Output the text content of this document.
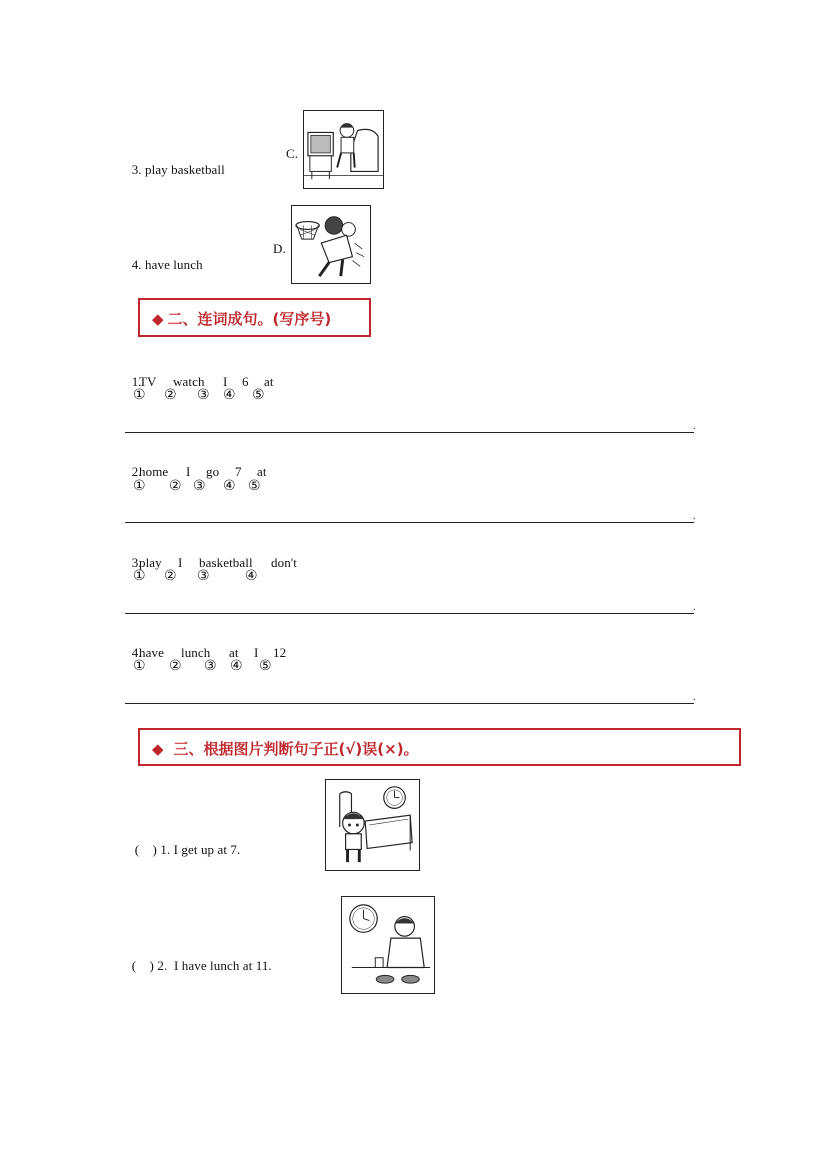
3. play basketball

C.

4. have lunch

D.
◆ 二、连词成句。(写序号)

1.
TV watch I 6 at

① ② ③ ④ ⑤
.

2.
home I go 7 at

① ② ③ ④ ⑤
.

3.
play I basketball don't

① ② ③	④
.

4.
have lunch at I 12

① ② ③ ④ ⑤
.
◆ 三、根据图片判断句子正(√)误(×)。

(    ) 1. I get up at 7.

(    ) 2.  I have lunch at 11.
